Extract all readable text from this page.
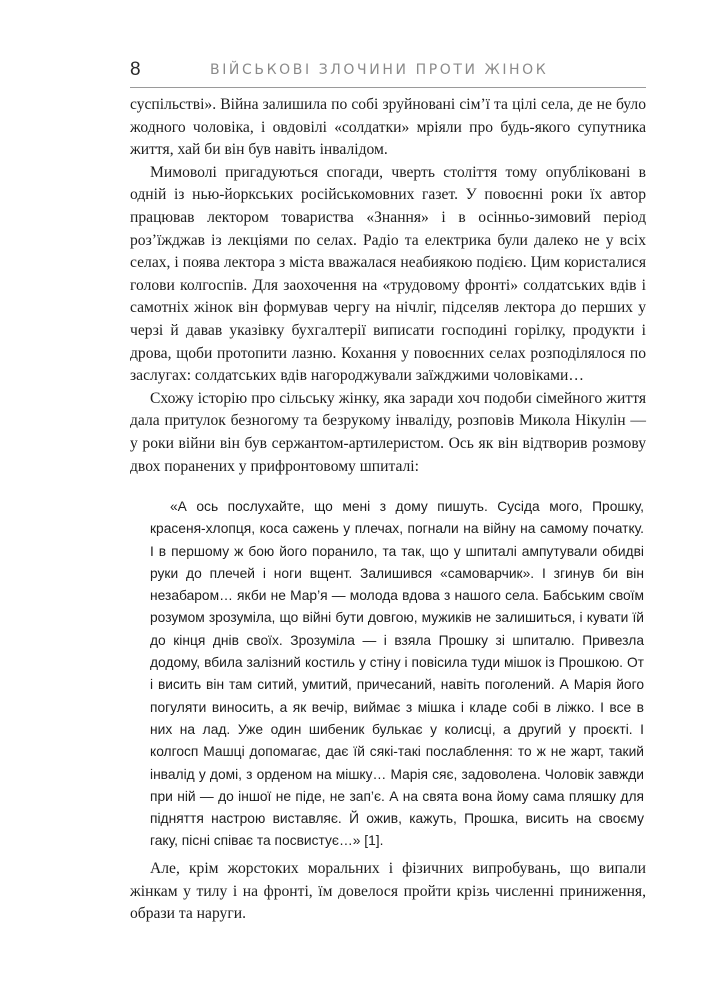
8	ВІЙСЬКОВІ ЗЛОЧИНИ ПРОТИ ЖІНОК

суспільстві». Війна залишила по собі зруйновані сім’ї та цілі села, де не було жодного чоловіка, і овдовілі «солдатки» мріяли про будь-якого супутника життя, хай би він був навіть інвалідом.

Мимоволі пригадуються спогади, чверть століття тому опубліковані в одній із нью-йоркських російськомовних газет. У повоєнні роки їх автор працював лектором товариства «Знання» і в осінньо-зимовий період роз’їжджав із лекціями по селах. Радіо та електрика були далеко не у всіх селах, і поява лектора з міста вважалася неабиякою подією. Цим користалися голови колгоспів. Для заохочення на «трудовому фронті» солдатських вдів і самотніх жінок він формував чергу на нічліг, підселяв лектора до перших у черзі й давав указівку бухгалтерії виписати господині горілку, продукти і дрова, щоби протопити лазню. Кохання у повоєнних селах розподілялося по заслугах: солдатських вдів нагороджували заїжджими чоловіками…

Схожу історію про сільську жінку, яка заради хоч подоби сімейного життя дала притулок безногому та безрукому інваліду, розповів Микола Нікулін — у роки війни він був сержантом-артилеристом. Ось як він відтворив розмову двох поранених у прифронтовому шпиталі:

«А ось послухайте, що мені з дому пишуть. Сусіда мого, Прошку, красеня-хлопця, коса сажень у плечах, погнали на війну на самому початку. І в першому ж бою його поранило, та так, що у шпиталі ампутували обидві руки до плечей і ноги вщент. Залишився «самоварчик». І згинув би він незабаром… якби не Мар’я — молода вдова з нашого села. Бабським своїм розумом зрозуміла, що війні бути довгою, мужиків не залишиться, і кувати їй до кінця днів своїх. Зрозуміла — і взяла Прошку зі шпиталю. Привезла додому, вбила залізний костиль у стіну і повісила туди мішок із Прошкою. От і висить він там ситий, умитий, причесаний, навіть поголений. А Марія його погуляти виносить, а як вечір, виймає з мішка і кладе собі в ліжко. І все в них на лад. Уже один шибеник булькає у колисці, а другий у проєкті. І колгосп Машці допомагає, дає їй сякі-такі послаблення: то ж не жарт, такий інвалід у домі, з орденом на мішку… Марія сяє, задоволена. Чоловік завжди при ній — до іншої не піде, не зап’є. А на свята вона йому сама пляшку для підняття настрою виставляє. Й ожив, кажуть, Прошка, висить на своєму гаку, пісні співає та посвистує…» [1].

Але, крім жорстоких моральних і фізичних випробувань, що випали жінкам у тилу і на фронті, їм довелося пройти крізь численні приниження, образи та наруги.
